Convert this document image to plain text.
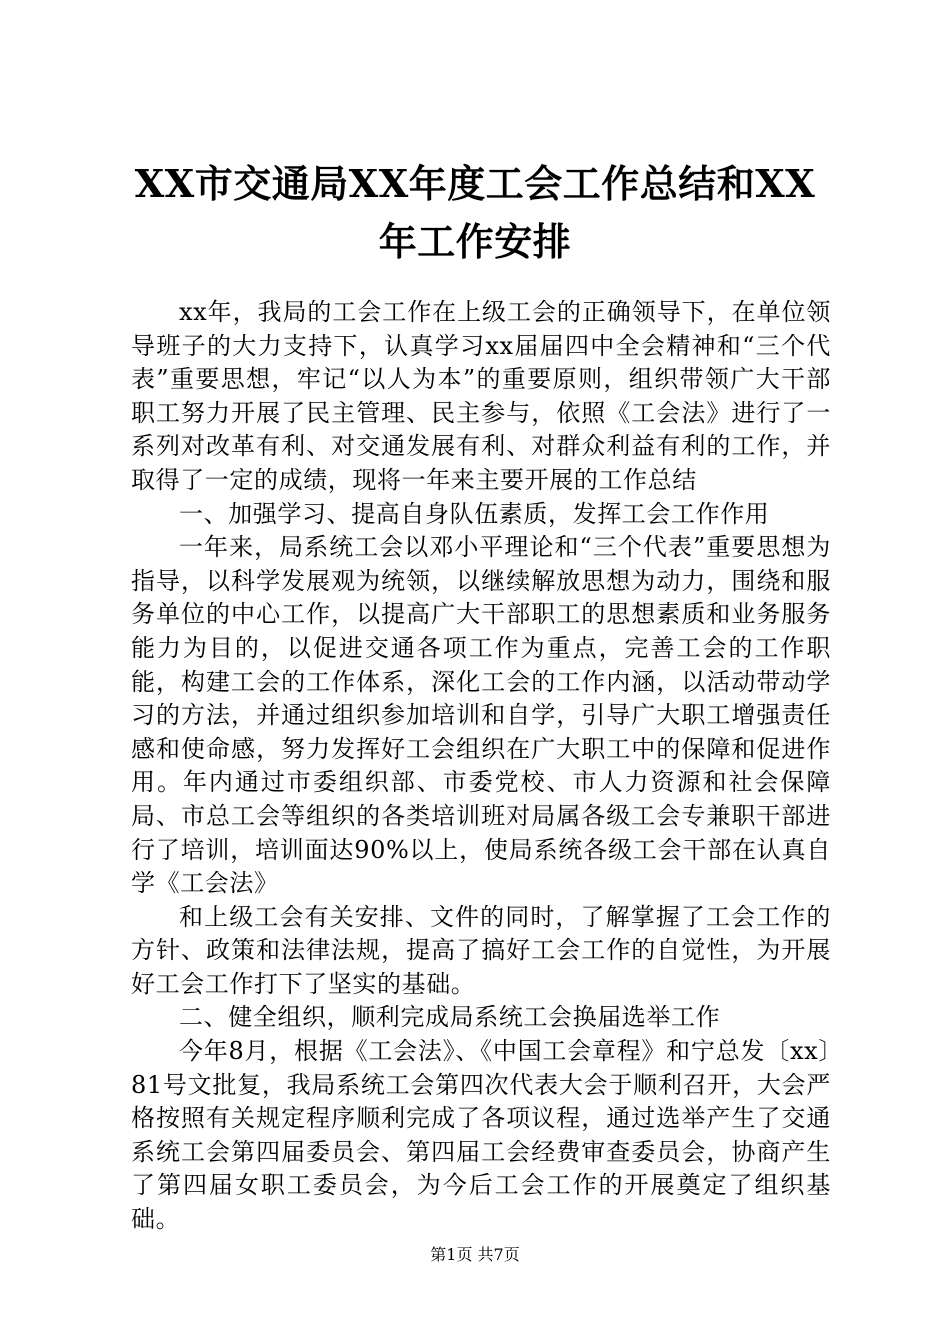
XX市交通局XX年度工会工作总结和XX年工作安排

xx年，我局的工会工作在上级工会的正确领导下，在单位领导班子的大力支持下，认真学习xx届届四中全会精神和“三个代表”重要思想，牢记“以人为本”的重要原则，组织带领广大干部职工努力开展了民主管理、民主参与，依照《工会法》进行了一系列对改革有利、对交通发展有利、对群众利益有利的工作，并取得了一定的成绩，现将一年来主要开展的工作总结

一、加强学习、提高自身队伍素质，发挥工会工作作用

一年来，局系统工会以邓小平理论和“三个代表”重要思想为指导，以科学发展观为统领，以继续解放思想为动力，围绕和服务单位的中心工作，以提高广大干部职工的思想素质和业务服务能力为目的，以促进交通各项工作为重点，完善工会的工作职能，构建工会的工作体系，深化工会的工作内涵，以活动带动学习的方法，并通过组织参加培训和自学，引导广大职工增强责任感和使命感，努力发挥好工会组织在广大职工中的保障和促进作用。年内通过市委组织部、市委党校、市人力资源和社会保障局、市总工会等组织的各类培训班对局属各级工会专兼职干部进行了培训，培训面达90%以上，使局系统各级工会干部在认真自学《工会法》

和上级工会有关安排、文件的同时，了解掌握了工会工作的方针、政策和法律法规，提高了搞好工会工作的自觉性，为开展好工会工作打下了坚实的基础。

二、健全组织，顺利完成局系统工会换届选举工作

今年8月，根据《工会法》、《中国工会章程》和宁总发〔xx〕81号文批复，我局系统工会第四次代表大会于顺利召开，大会严格按照有关规定程序顺利完成了各项议程，通过选举产生了交通系统工会第四届委员会、第四届工会经费审查委员会，协商产生了第四届女职工委员会，为今后工会工作的开展奠定了组织基础。

第1页 共7页
